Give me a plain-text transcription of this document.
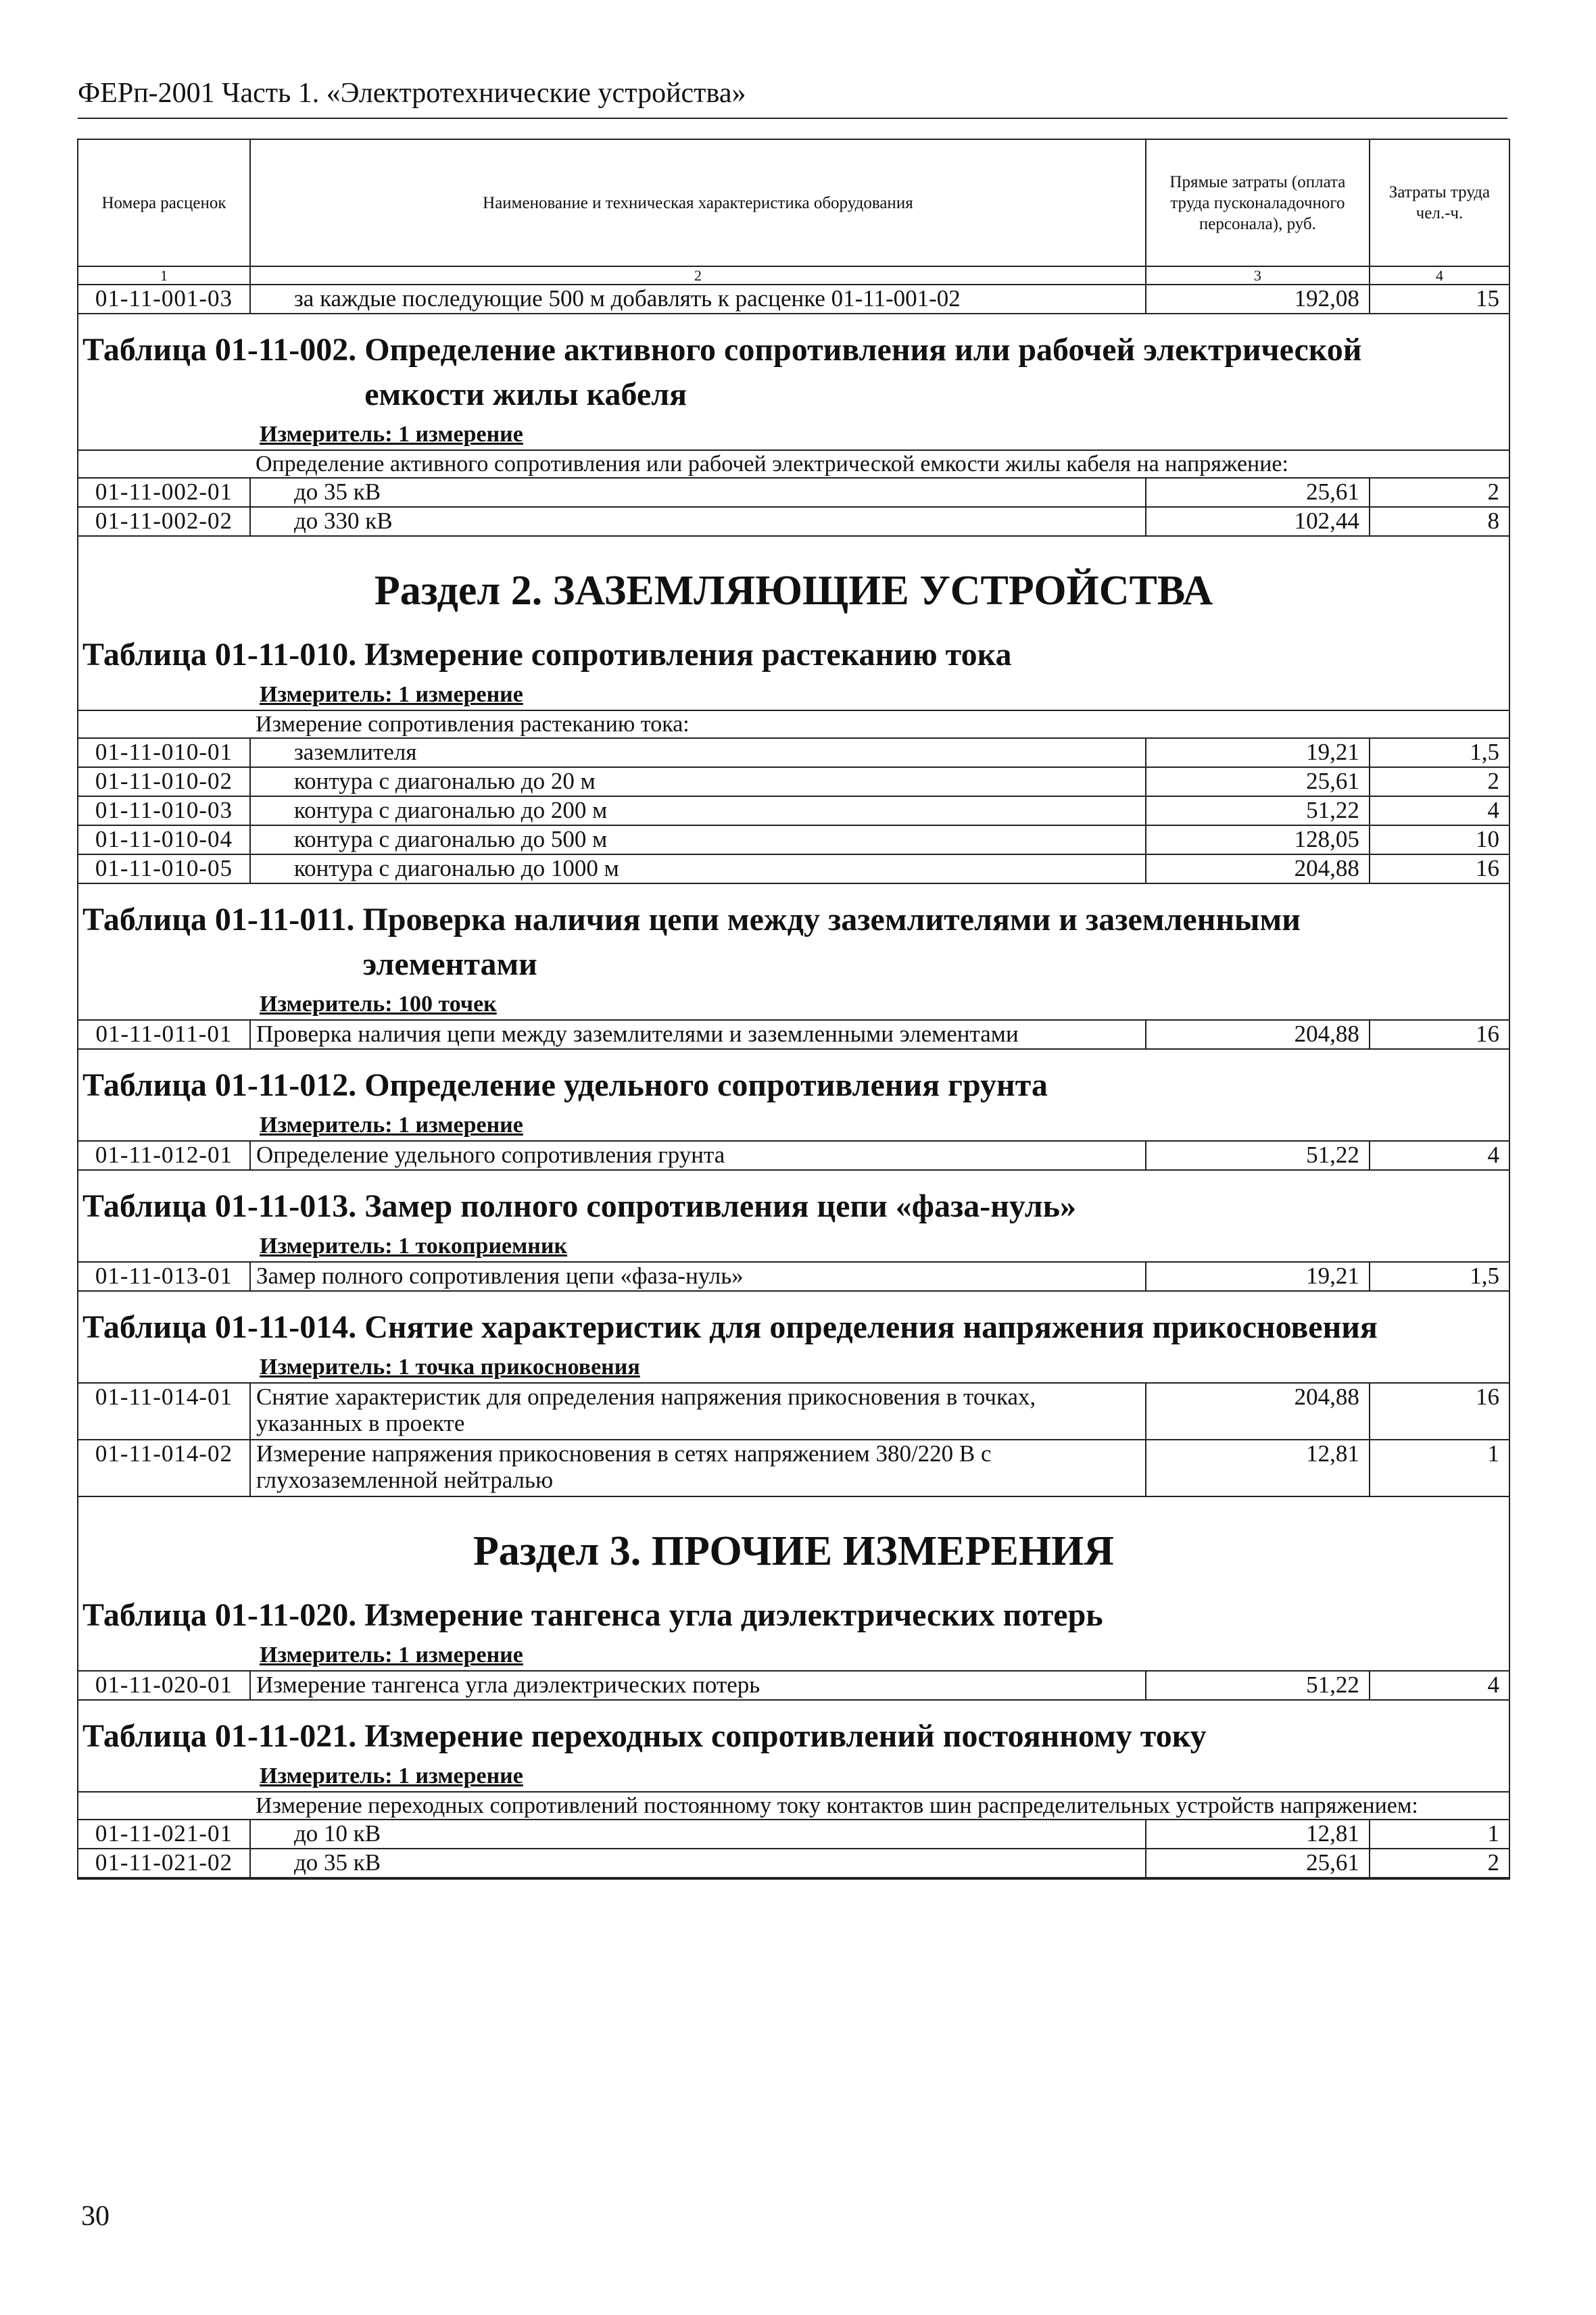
ФЕРп-2001 Часть 1. «Электротехнические устройства»
Номера расценок	Наименование и техническая характеристика оборудования	Прямые затраты (оплата труда пусконаладочного персонала), руб.	Затраты труда чел.-ч.
1	2	3	4
01-11-001-03	за каждые последующие 500 м добавлять к расценке 01-11-001-02	192,08	15
Таблица 01-11-002. Определение активного сопротивления или рабочей электрической
емкости жилы кабеля
Измеритель: 1 измерение
Определение активного сопротивления или рабочей электрической емкости жилы кабеля на напряжение:
01-11-002-01	до 35 кВ	25,61	2
01-11-002-02	до 330 кВ	102,44	8
Раздел 2. ЗАЗЕМЛЯЮЩИЕ УСТРОЙСТВА
Таблица 01-11-010. Измерение сопротивления растеканию тока
Измеритель: 1 измерение
Измерение сопротивления растеканию тока:
01-11-010-01	заземлителя	19,21	1,5
01-11-010-02	контура с диагональю до 20 м	25,61	2
01-11-010-03	контура с диагональю до 200 м	51,22	4
01-11-010-04	контура с диагональю до 500 м	128,05	10
01-11-010-05	контура с диагональю до 1000 м	204,88	16
Таблица 01-11-011. Проверка наличия цепи между заземлителями и заземленными
элементами
Измеритель: 100 точек
01-11-011-01	Проверка наличия цепи между заземлителями и заземленными элементами	204,88	16
Таблица 01-11-012. Определение удельного сопротивления грунта
Измеритель: 1 измерение
01-11-012-01	Определение удельного сопротивления грунта	51,22	4
Таблица 01-11-013. Замер полного сопротивления цепи «фаза-нуль»
Измеритель: 1 токоприемник
01-11-013-01	Замер полного сопротивления цепи «фаза-нуль»	19,21	1,5
Таблица 01-11-014. Снятие характеристик для определения напряжения прикосновения
Измеритель: 1 точка прикосновения
01-11-014-01	Снятие характеристик для определения напряжения прикосновения в точках, указанных в проекте	204,88	16
01-11-014-02	Измерение напряжения прикосновения в сетях напряжением 380/220 В с глухозаземленной нейтралью	12,81	1
Раздел 3. ПРОЧИЕ ИЗМЕРЕНИЯ
Таблица 01-11-020. Измерение тангенса угла диэлектрических потерь
Измеритель: 1 измерение
01-11-020-01	Измерение тангенса угла диэлектрических потерь	51,22	4
Таблица 01-11-021. Измерение переходных сопротивлений постоянному току
Измеритель: 1 измерение
Измерение переходных сопротивлений постоянному току контактов шин распределительных устройств напряжением:
01-11-021-01	до 10 кВ	12,81	1
01-11-021-02	до 35 кВ	25,61	2
30
